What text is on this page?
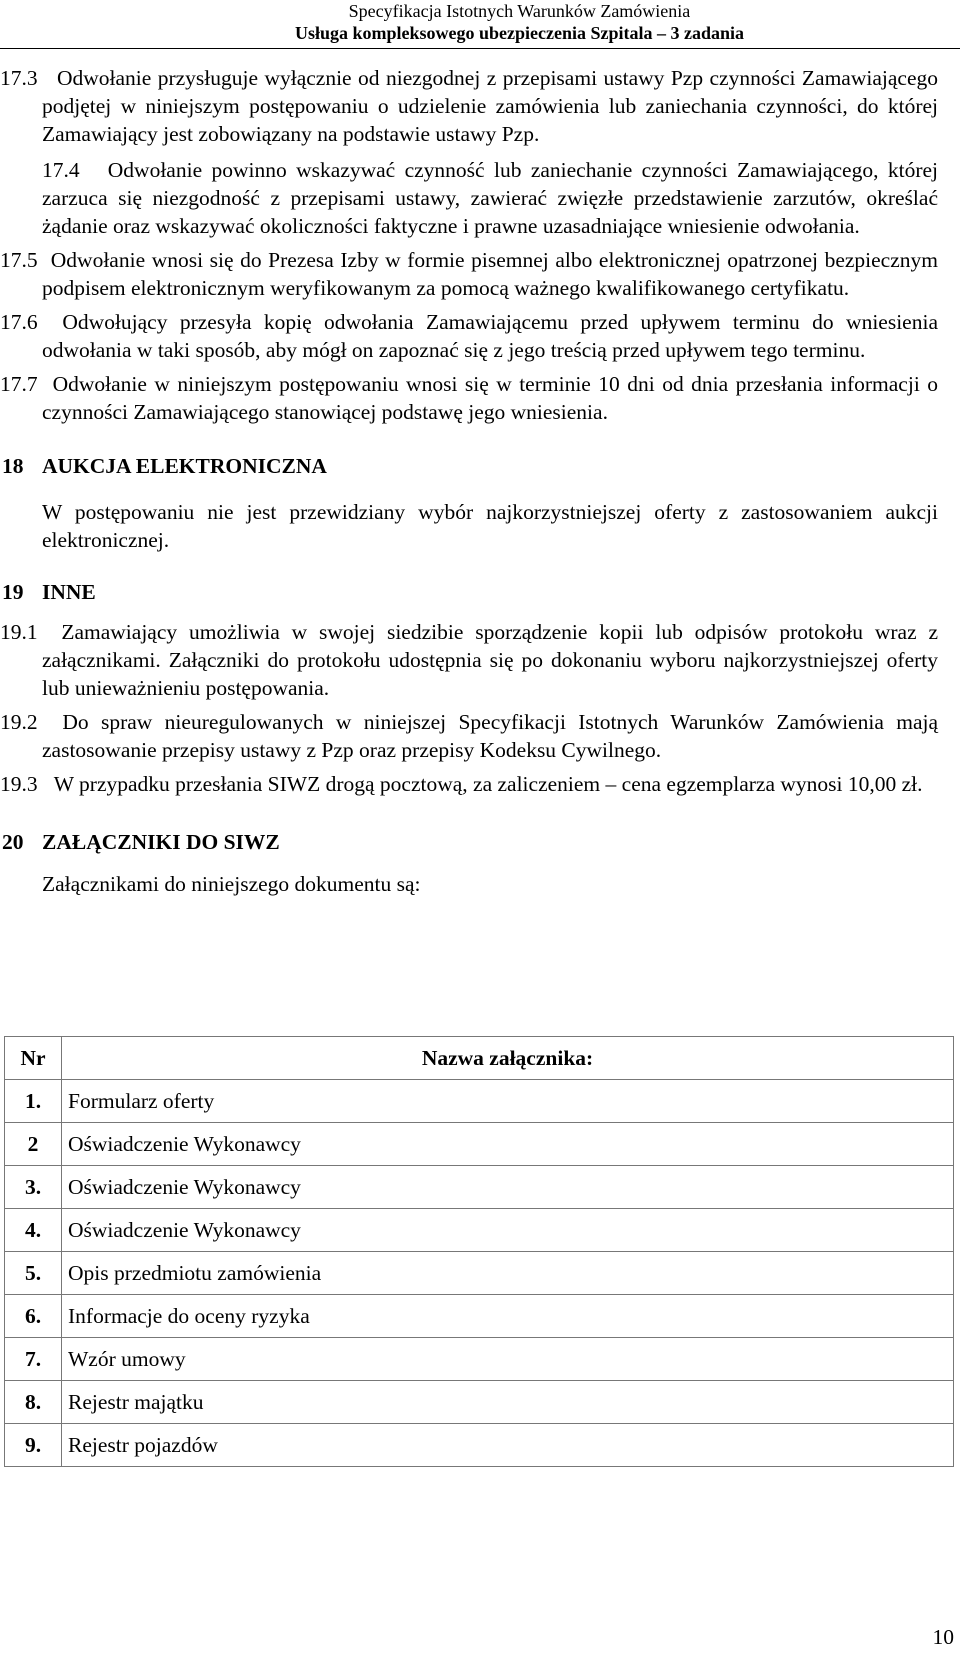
Specyfikacja Istotnych Warunków Zamówienia
Usługa kompleksowego ubezpieczenia Szpitala – 3 zadania
17.3 Odwołanie przysługuje wyłącznie od niezgodnej z przepisami ustawy Pzp czynności Zamawiającego podjętej w niniejszym postępowaniu o udzielenie zamówienia lub zaniechania czynności, do której Zamawiający jest zobowiązany na podstawie ustawy Pzp.
17.4 Odwołanie powinno wskazywać czynność lub zaniechanie czynności Zamawiającego, której zarzuca się niezgodność z przepisami ustawy, zawierać zwięzłe przedstawienie zarzutów, określać żądanie oraz wskazywać okoliczności faktyczne i prawne uzasadniające wniesienie odwołania.
17.5 Odwołanie wnosi się do Prezesa Izby w formie pisemnej albo elektronicznej opatrzonej bezpiecznym podpisem elektronicznym weryfikowanym za pomocą ważnego kwalifikowanego certyfikatu.
17.6 Odwołujący przesyła kopię odwołania Zamawiającemu przed upływem terminu do wniesienia odwołania w taki sposób, aby mógł on zapoznać się z jego treścią przed upływem tego terminu.
17.7 Odwołanie w niniejszym postępowaniu wnosi się w terminie 10 dni od dnia przesłania informacji o czynności Zamawiającego stanowiącej podstawę jego wniesienia.
18 AUKCJA ELEKTRONICZNA
W postępowaniu nie jest przewidziany wybór najkorzystniejszej oferty z zastosowaniem aukcji elektronicznej.
19 INNE
19.1 Zamawiający umożliwia w swojej siedzibie sporządzenie kopii lub odpisów protokołu wraz z załącznikami. Załączniki do protokołu udostępnia się po dokonaniu wyboru najkorzystniejszej oferty lub unieważnieniu postępowania.
19.2 Do spraw nieuregulowanych w niniejszej Specyfikacji Istotnych Warunków Zamówienia mają zastosowanie przepisy ustawy z Pzp oraz przepisy Kodeksu Cywilnego.
19.3 W przypadku przesłania SIWZ drogą pocztową, za zaliczeniem – cena egzemplarza wynosi 10,00 zł.
20 ZAŁĄCZNIKI DO SIWZ
Załącznikami do niniejszego dokumentu są:
Nr	Nazwa załącznika:
1.	Formularz oferty
2	Oświadczenie Wykonawcy
3.	Oświadczenie Wykonawcy
4.	Oświadczenie Wykonawcy
5.	Opis przedmiotu zamówienia
6.	Informacje do oceny ryzyka
7.	Wzór umowy
8.	Rejestr majątku
9.	Rejestr pojazdów
10
